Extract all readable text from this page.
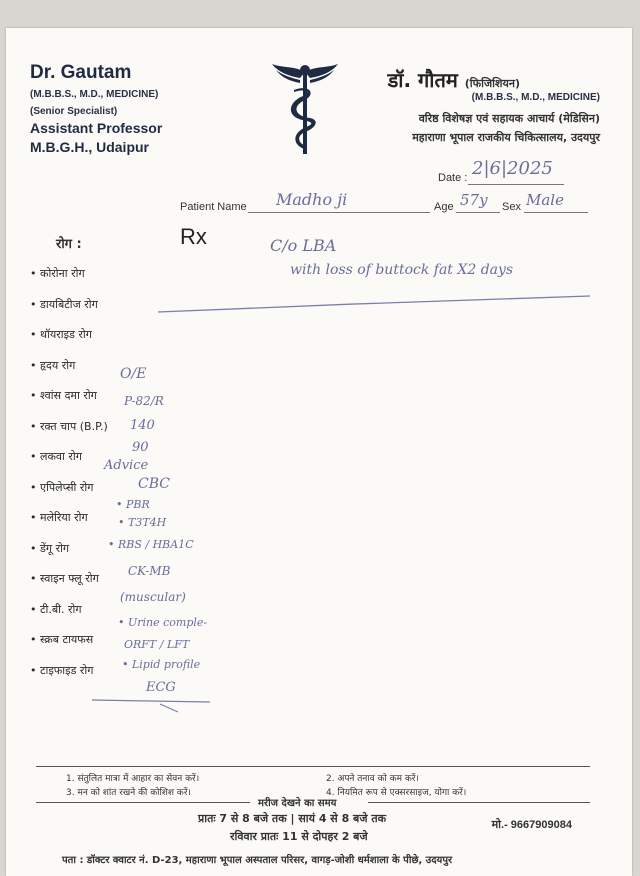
Dr. Gautam
(M.B.B.S., M.D., MEDICINE)
(Senior Specialist)
Assistant Professor
M.B.G.H., Udaipur
डॉ. गौतम (फिजिशियन)
(M.B.B.S., M.D., MEDICINE)
वरिष्ठ विशेषज्ञ एवं सहायक आचार्य (मेडिसिन)
महाराणा भूपाल राजकीय चिकित्सालय, उदयपुर
Date : 2|6|2025
Patient Name Madho ji	Age 57y Sex Male
Rx	C/o LBA
with loss of buttock fat X2 days
रोग :
• कोरोना रोग
• डायबिटीज रोग
• थॉयराइड रोग
• हृदय रोग
• श्वांस दमा रोग
• रक्त चाप (B.P.)
• लकवा रोग
• एपिलेप्सी रोग
• मलेरिया रोग
• डेंगू रोग
• स्वाइन फ्लू रोग
• टी.बी. रोग
• स्क्रब टायफस
• टाइफाइड रोग
O/E
P-82/R
140
90
Advice
CBC
• PBR
• T3T4H
• RBS / HBA1C
CK-MB
(muscular)
• Urine comple-
ORFT / LFT
• Lipid profile
ECG
1. संतुलित मात्रा में आहार का सेवन करें।	2. अपने तनाव को कम करें।
3. मन को शांत रखने की कोशिश करें।	4. नियमित रूप से एक्सरसाइज, योगा करें।
मरीज देखने का समय
प्रातः 7 से 8 बजे तक | सायं 4 से 8 बजे तक
रविवार प्रातः 11 से दोपहर 2 बजे
मो.- 9667909084
पता : डॉक्टर क्वाटर नं. D-23, महाराणा भूपाल अस्पताल परिसर, वागड़-जोशी धर्मशाला के पीछे, उदयपुर
